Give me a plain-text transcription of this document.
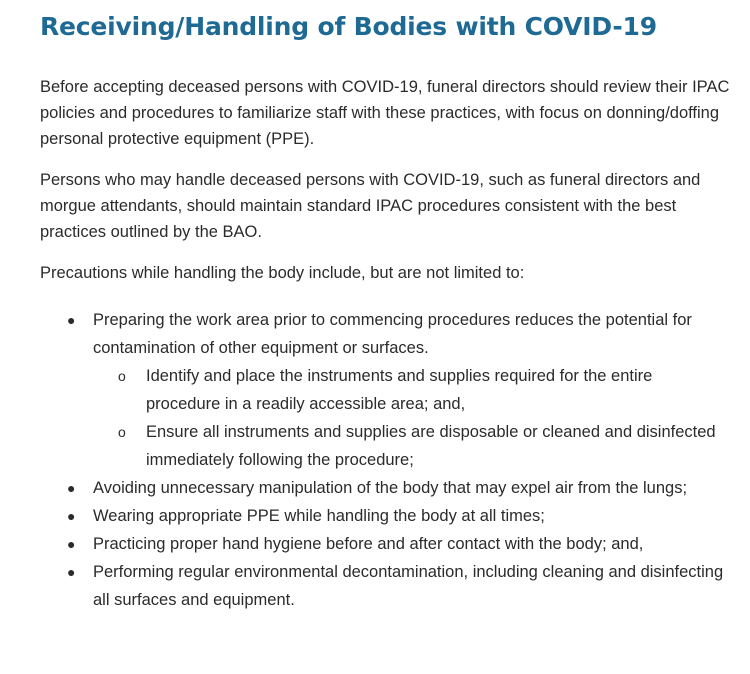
Receiving/Handling of Bodies with COVID-19

Before accepting deceased persons with COVID-19, funeral directors should review their IPAC policies and procedures to familiarize staff with these practices, with focus on donning/doffing personal protective equipment (PPE).

Persons who may handle deceased persons with COVID-19, such as funeral directors and morgue attendants, should maintain standard IPAC procedures consistent with the best practices outlined by the BAO.

Precautions while handling the body include, but are not limited to:

● Preparing the work area prior to commencing procedures reduces the potential for contamination of other equipment or surfaces.
o Identify and place the instruments and supplies required for the entire procedure in a readily accessible area; and,
o Ensure all instruments and supplies are disposable or cleaned and disinfected immediately following the procedure;
● Avoiding unnecessary manipulation of the body that may expel air from the lungs;
● Wearing appropriate PPE while handling the body at all times;
● Practicing proper hand hygiene before and after contact with the body; and,
● Performing regular environmental decontamination, including cleaning and disinfecting all surfaces and equipment.
